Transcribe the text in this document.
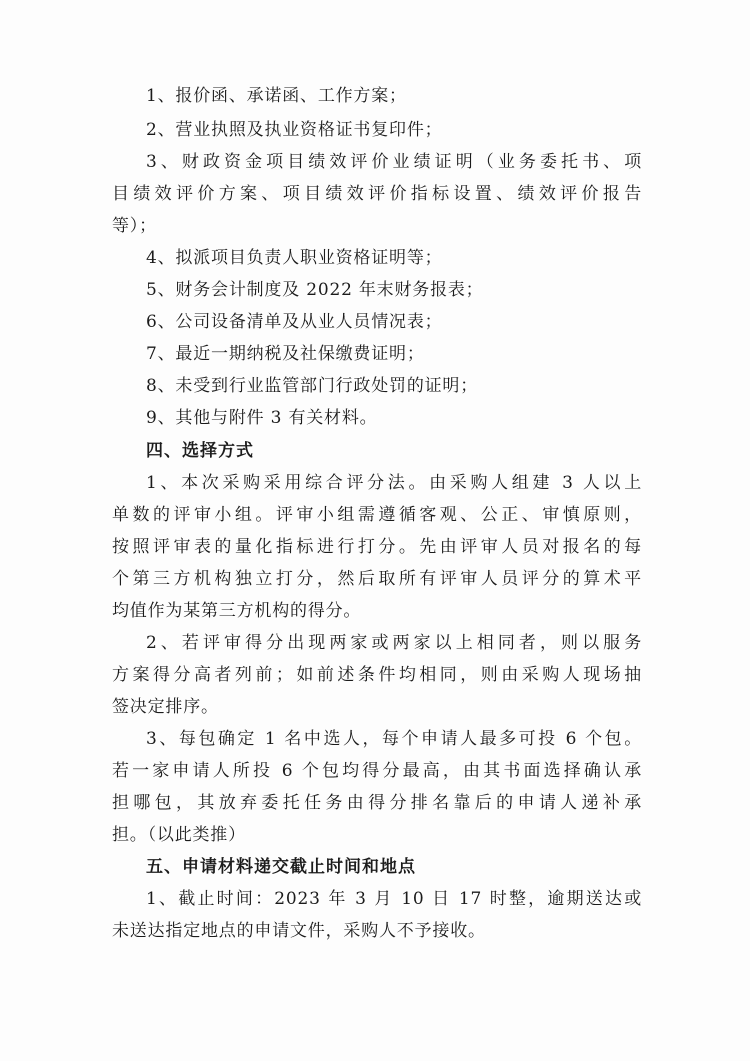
1、报价函、承诺函、工作方案；
2、营业执照及执业资格证书复印件；
3、财政资金项目绩效评价业绩证明（业务委托书、项
目绩效评价方案、项目绩效评价指标设置、绩效评价报告
等）；
4、拟派项目负责人职业资格证明等；
5、财务会计制度及 2022 年末财务报表；
6、公司设备清单及从业人员情况表；
7、最近一期纳税及社保缴费证明；
8、未受到行业监管部门行政处罚的证明；
9、其他与附件 3 有关材料。
四、选择方式
1、本次采购采用综合评分法。由采购人组建 3 人以上
单数的评审小组。评审小组需遵循客观、公正、审慎原则，
按照评审表的量化指标进行打分。先由评审人员对报名的每
个第三方机构独立打分，然后取所有评审人员评分的算术平
均值作为某第三方机构的得分。
2、若评审得分出现两家或两家以上相同者，则以服务
方案得分高者列前；如前述条件均相同，则由采购人现场抽
签决定排序。
3、每包确定 1 名中选人，每个申请人最多可投 6 个包。
若一家申请人所投 6 个包均得分最高，由其书面选择确认承
担哪包，其放弃委托任务由得分排名靠后的申请人递补承
担。（以此类推）
五、申请材料递交截止时间和地点
1、截止时间：2023 年 3 月 10 日 17 时整，逾期送达或
未送达指定地点的申请文件，采购人不予接收。
